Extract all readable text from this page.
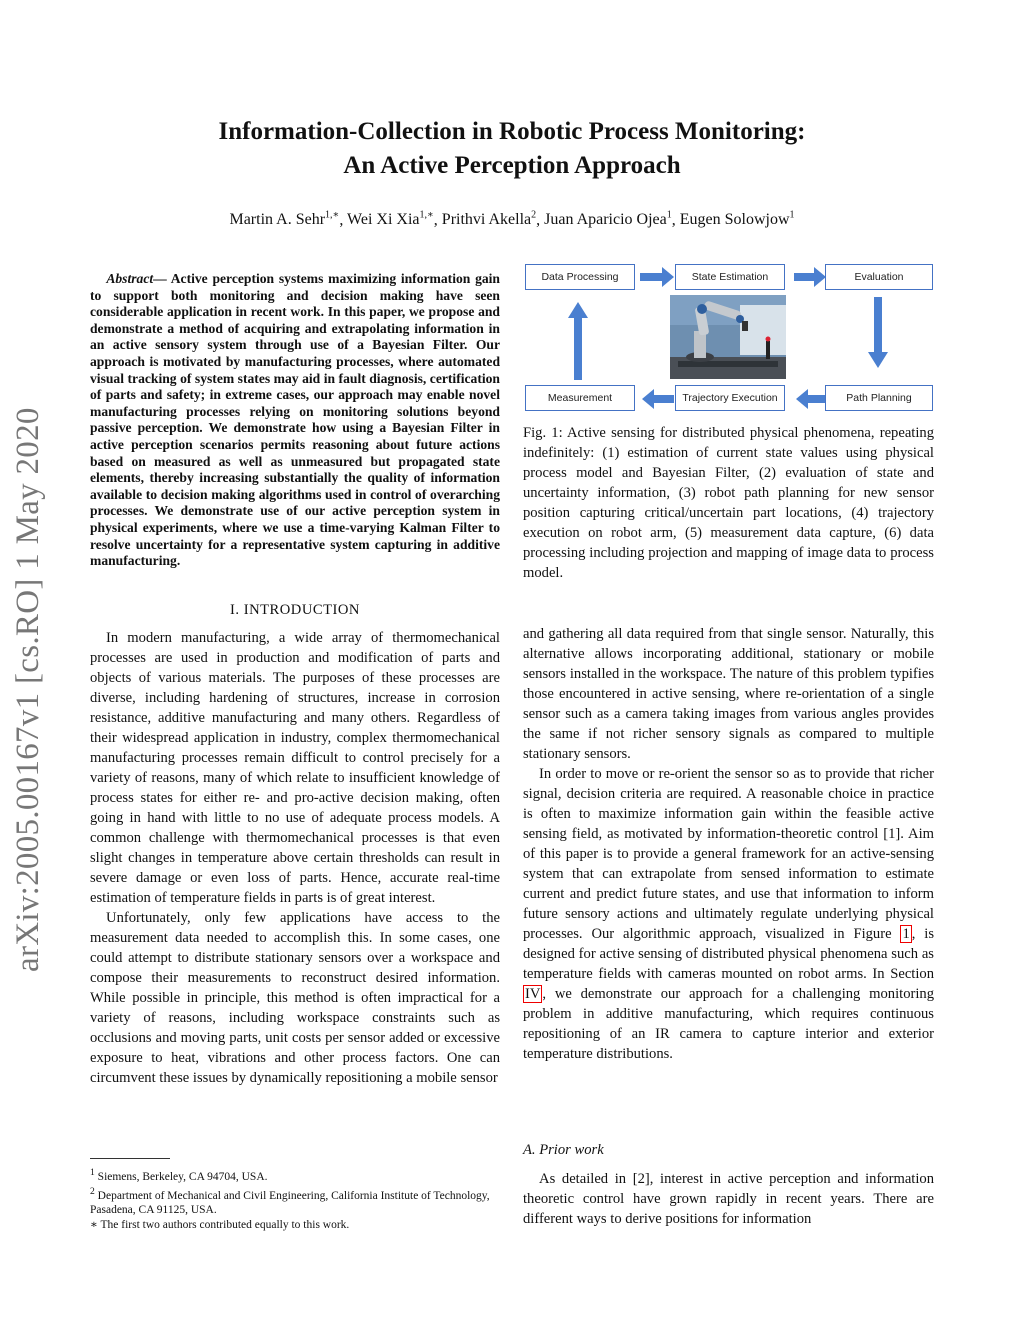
arXiv:2005.00167v1 [cs.RO] 1 May 2020
Information-Collection in Robotic Process Monitoring:
An Active Perception Approach
Martin A. Sehr$^{1,∗}$, Wei Xi Xia$^{1,∗}$, Prithvi Akella$^2$, Juan Aparicio Ojea$^1$, Eugen Solowjow$^1$

Abstract— Active perception systems maximizing information gain to support both monitoring and decision making have seen considerable application in recent work. In this paper, we propose and demonstrate a method of acquiring and extrapolating information in an active sensory system through use of a Bayesian Filter. Our approach is motivated by manufacturing processes, where automated visual tracking of system states may aid in fault diagnosis, certification of parts and safety; in extreme cases, our approach may enable novel manufacturing processes relying on monitoring solutions beyond passive perception. We demonstrate how using a Bayesian Filter in active perception scenarios permits reasoning about future actions based on measured as well as unmeasured but propagated state elements, thereby increasing substantially the quality of information available to decision making algorithms used in control of overarching processes. We demonstrate use of our active perception system in physical experiments, where we use a time-varying Kalman Filter to resolve uncertainty for a representative system capturing in additive manufacturing.

I. INTRODUCTION

In modern manufacturing, a wide array of thermomechanical processes are used in production and modification of parts and objects of various materials. The purposes of these processes are diverse, including hardening of structures, increase in corrosion resistance, additive manufacturing and many others. Regardless of their widespread application in industry, complex thermomechanical manufacturing processes remain difficult to control precisely for a variety of reasons, many of which relate to insufficient knowledge of process states for either re- and pro-active decision making, often going in hand with little to no use of adequate process models. A common challenge with thermomechanical processes is that even slight changes in temperature above certain thresholds can result in severe damage or even loss of parts. Hence, accurate real-time estimation of temperature fields in parts is of great interest.

Unfortunately, only few applications have access to the measurement data needed to accomplish this. In some cases, one could attempt to distribute stationary sensors over a workspace and compose their measurements to reconstruct desired information. While possible in principle, this method is often impractical for a variety of reasons, including workspace constraints such as occlusions and moving parts, unit costs per sensor added or excessive exposure to heat, vibrations and other process factors. One can circumvent these issues by dynamically repositioning a mobile sensor

$^1$ Siemens, Berkeley, CA 94704, USA.

$^2$ Department of Mechanical and Civil Engineering, California Institute of Technology, Pasadena, CA 91125, USA.

∗ The first two authors contributed equally to this work.

Data Processing	State Estimation	Evaluation
Measurement	Trajectory Execution	Path Planning
Fig. 1: Active sensing for distributed physical phenomena, repeating indefinitely: (1) estimation of current state values using physical process model and Bayesian Filter, (2) evaluation of state and uncertainty information, (3) robot path planning for new sensor position capturing critical/uncertain part locations, (4) trajectory execution on robot arm, (5) measurement data capture, (6) data processing including projection and mapping of image data to process model.

and gathering all data required from that single sensor. Naturally, this alternative allows incorporating additional, stationary or mobile sensors installed in the workspace. The nature of this problem typifies those encountered in active sensing, where re-orientation of a single sensor such as a camera taking images from various angles provides the same if not richer sensory signals as compared to multiple stationary sensors.

In order to move or re-orient the sensor so as to provide that richer signal, decision criteria are required. A reasonable choice in practice is often to maximize information gain within the feasible active sensing field, as motivated by information-theoretic control [1]. Aim of this paper is to provide a general framework for an active-sensing system that can extrapolate from sensed information to estimate current and predict future states, and use that information to inform future sensory actions and ultimately regulate underlying physical processes. Our algorithmic approach, visualized in Figure 1 , is designed for active sensing of distributed physical phenomena such as temperature fields with cameras mounted on robot arms. In Section IV , we demonstrate our approach for a challenging monitoring problem in additive manufacturing, which requires continuous repositioning of an IR camera to capture interior and exterior temperature distributions.

A. Prior work

As detailed in [2], interest in active perception and information theoretic control have grown rapidly in recent years. There are different ways to derive positions for information
